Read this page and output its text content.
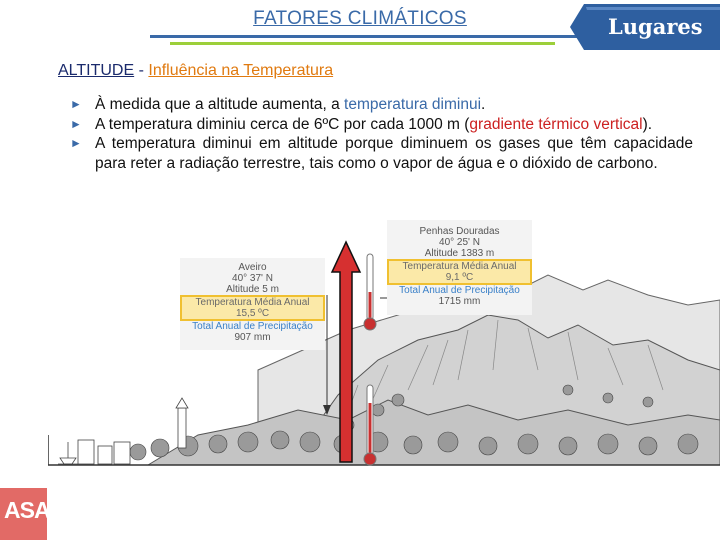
FATORES CLIMÁTICOS	Lugares
ALTITUDE - Influência na Temperatura
► À medida que a altitude aumenta, a temperatura diminui.
► A temperatura diminiu cerca de 6ºC por cada 1000 m (gradiente térmico vertical).
► A temperatura diminui em altitude porque diminuem os gases que têm capacidade para reter a radiação terrestre, tais como o vapor de água e o dióxido de carbono.
Aveiro
40° 37' N
Altitude 5 m
Temperatura Média Anual
15,5 ºC
Total Anual de Precipitação
907 mm
Penhas Douradas
40° 25' N
Altitude 1383 m
Temperatura Média Anual
9,1 ºC
Total Anual de Precipitação
1715 mm
ASA
